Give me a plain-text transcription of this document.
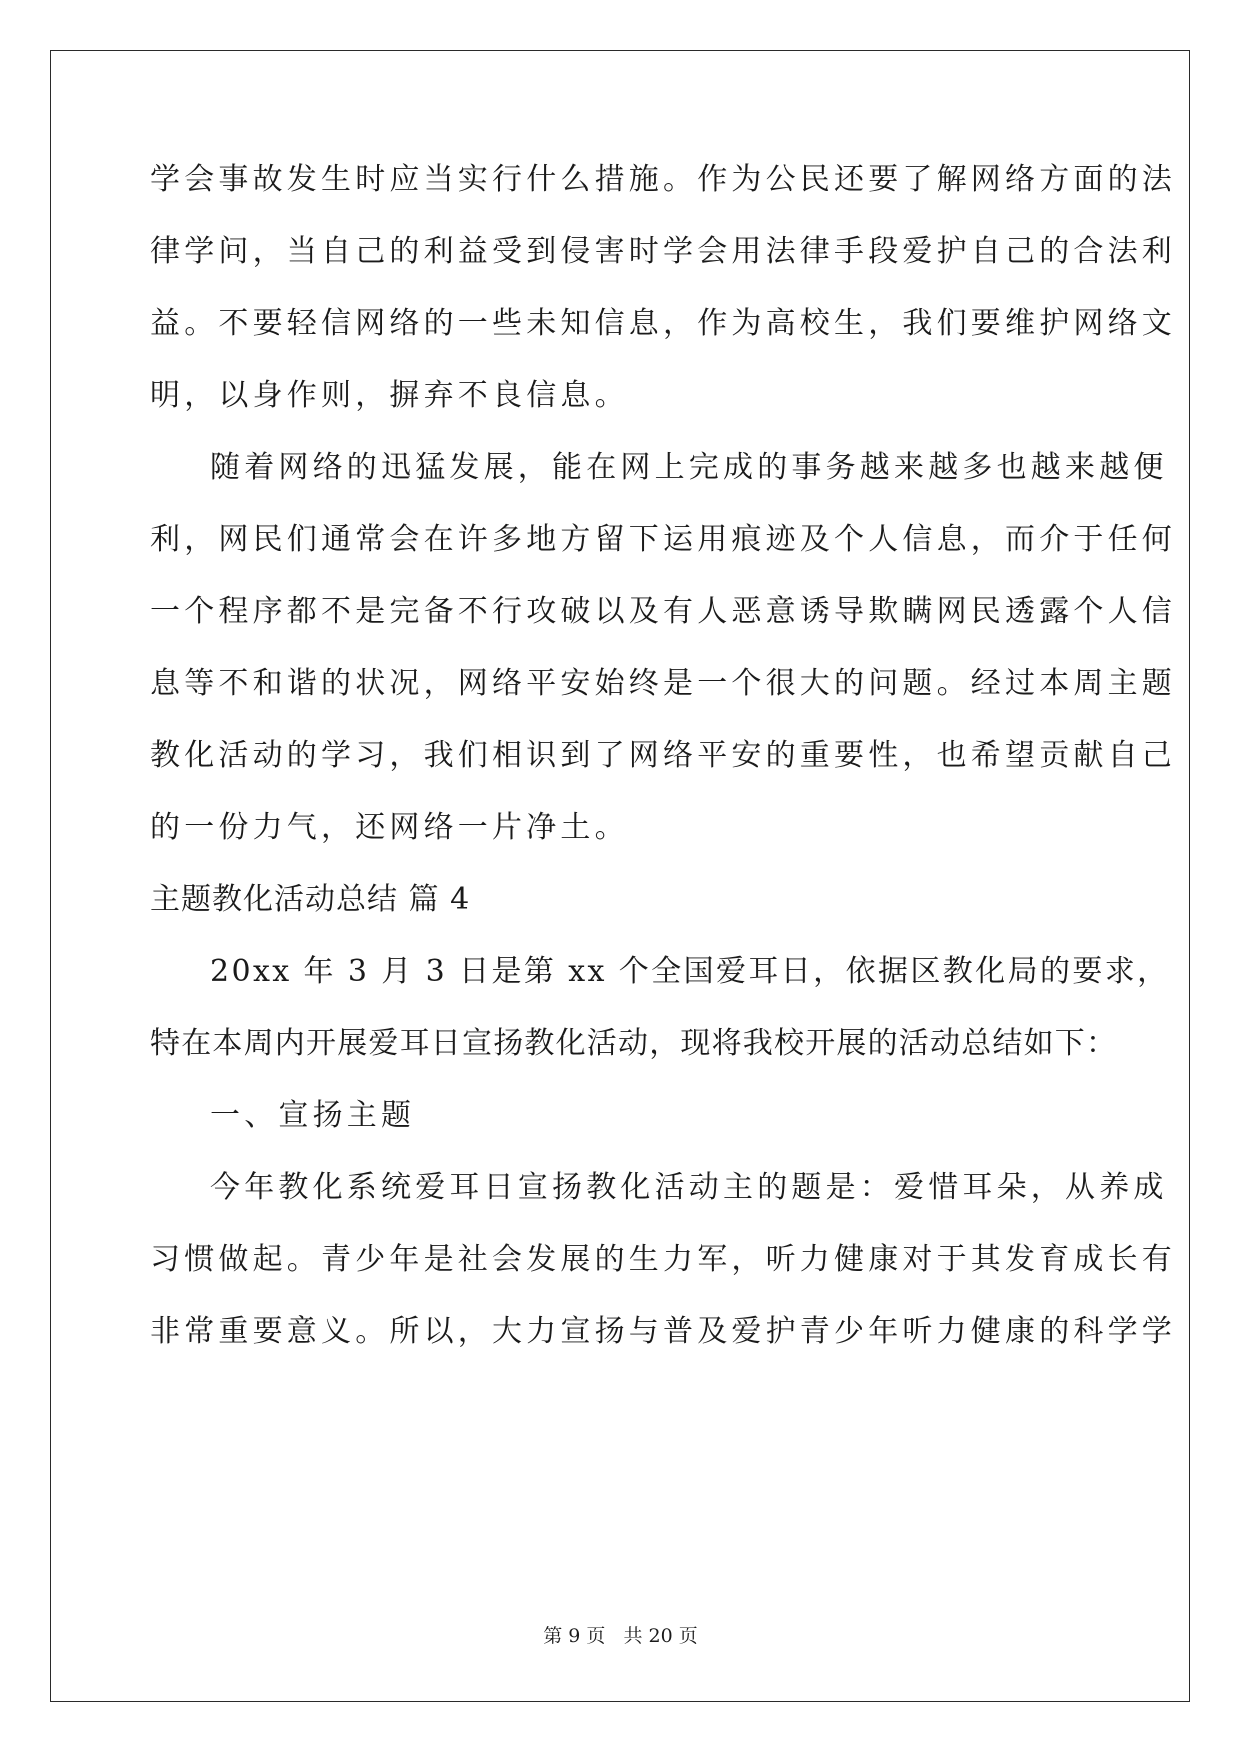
学会事故发生时应当实行什么措施。作为公民还要了解网络方面的法
律学问，当自己的利益受到侵害时学会用法律手段爱护自己的合法利
益。不要轻信网络的一些未知信息，作为高校生，我们要维护网络文
明，以身作则，摒弃不良信息。
随着网络的迅猛发展，能在网上完成的事务越来越多也越来越便
利，网民们通常会在许多地方留下运用痕迹及个人信息，而介于任何
一个程序都不是完备不行攻破以及有人恶意诱导欺瞒网民透露个人信
息等不和谐的状况，网络平安始终是一个很大的问题。经过本周主题
教化活动的学习，我们相识到了网络平安的重要性，也希望贡献自己
的一份力气，还网络一片净土。
主题教化活动总结 篇 4
20xx 年 3 月 3 日是第 xx 个全国爱耳日，依据区教化局的要求，
特在本周内开展爱耳日宣扬教化活动，现将我校开展的活动总结如下：
一、宣扬主题
今年教化系统爱耳日宣扬教化活动主的题是：爱惜耳朵，从养成
习惯做起。青少年是社会发展的生力军，听力健康对于其发育成长有
非常重要意义。所以，大力宣扬与普及爱护青少年听力健康的科学学
第 9 页 共 20 页
